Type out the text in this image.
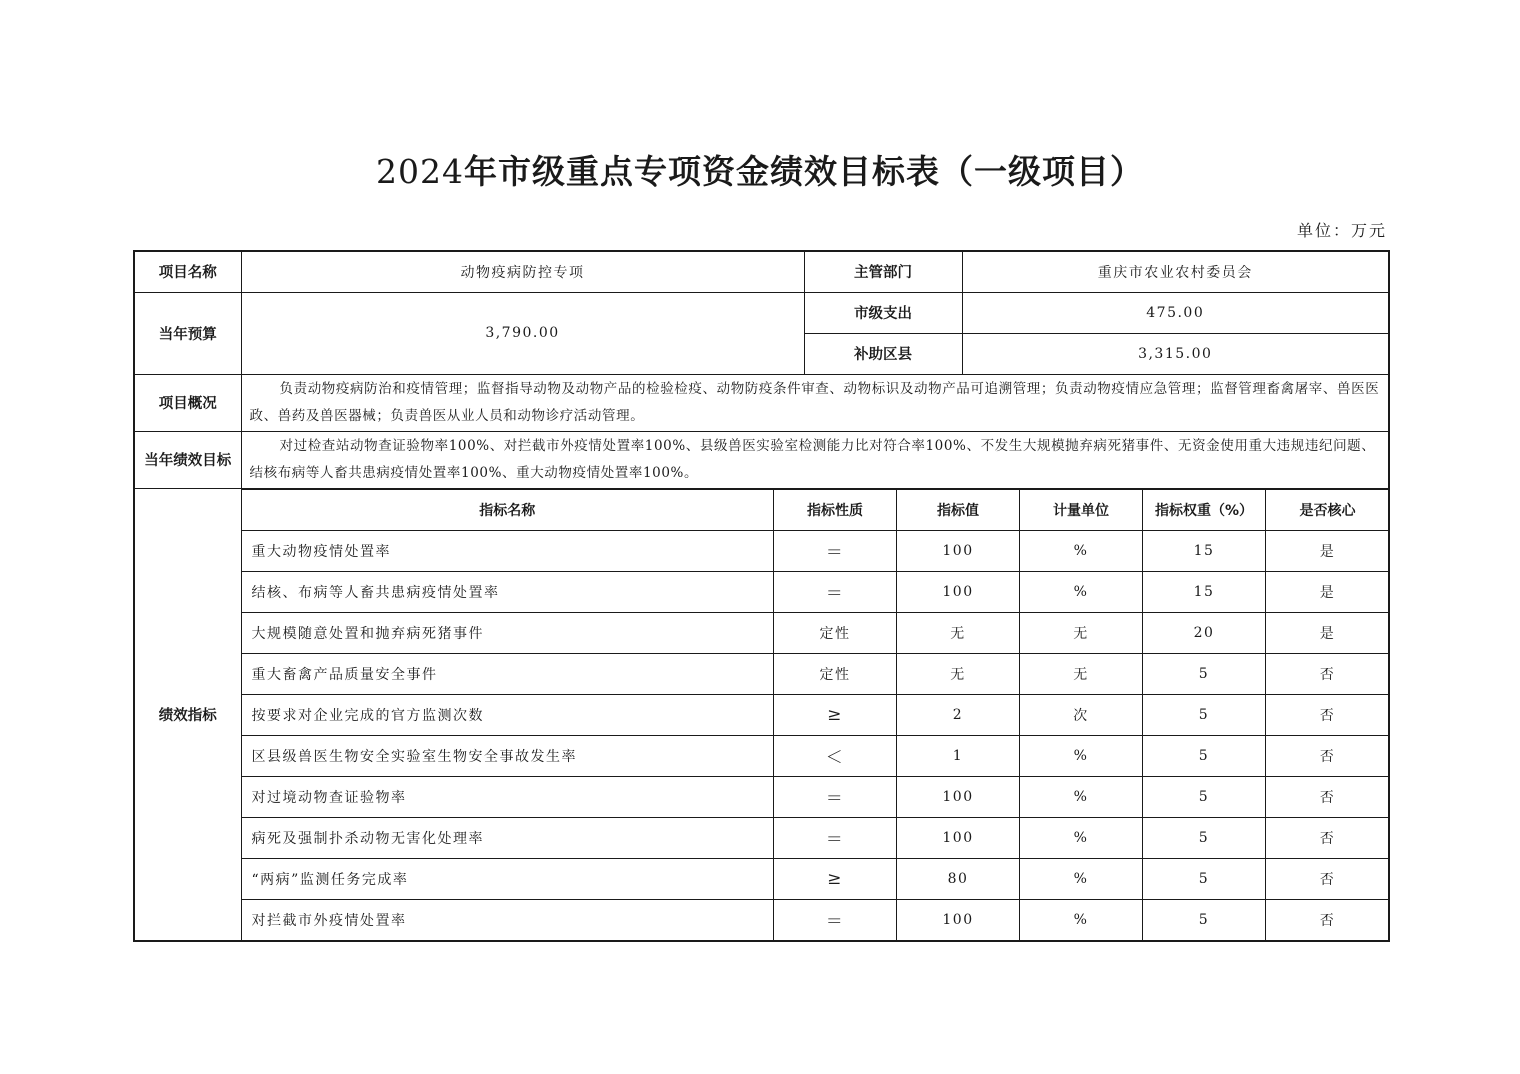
2024年市级重点专项资金绩效目标表（一级项目）
单位：万元
项目名称	动物疫病防控专项	主管部门	重庆市农业农村委员会
当年预算	3,790.00	市级支出	475.00
补助区县	3,315.00
项目概况	
负责动物疫病防治和疫情管理；监督指导动物及动物产品的检验检疫、动物防疫条件审查、动物标识及动物产品可追溯管理；负责动物疫情应急管理；监督管理畜禽屠宰、兽医医政、兽药及兽医器械；负责兽医从业人员和动物诊疗活动管理。

当年绩效目标	
对过检查站动物查证验物率100%、对拦截市外疫情处置率100%、县级兽医实验室检测能力比对符合率100%、不发生大规模抛弃病死猪事件、无资金使用重大违规违纪问题、结核布病等人畜共患病疫情处置率100%、重大动物疫情处置率100%。

绩效指标	
指标名称	指标性质	指标值	计量单位	指标权重（%）	是否核心
重大动物疫情处置率	＝	100	%	15	是
结核、布病等人畜共患病疫情处置率	＝	100	%	15	是
大规模随意处置和抛弃病死猪事件	定性	无	无	20	是
重大畜禽产品质量安全事件	定性	无	无	5	否
按要求对企业完成的官方监测次数	≥	2	次	5	否
区县级兽医生物安全实验室生物安全事故发生率	＜	1	%	5	否
对过境动物查证验物率	＝	100	%	5	否
病死及强制扑杀动物无害化处理率	＝	100	%	5	否
“两病”监测任务完成率	≥	80	%	5	否
对拦截市外疫情处置率	＝	100	%	5	否
